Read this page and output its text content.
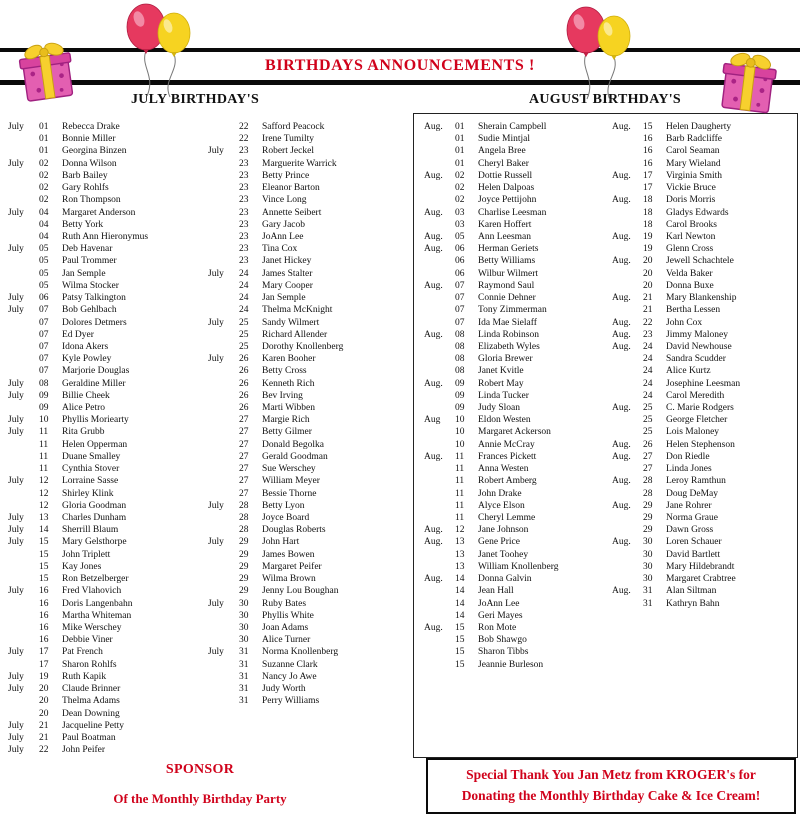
BIRTHDAYS ANNOUNCEMENTS !
JULY BIRTHDAY'S	AUGUST BIRTHDAY'S
July	01	Rebecca Drake
01	Bonnie Miller
01	Georgina Binzen
July	02	Donna Wilson
02	Barb Bailey
02	Gary Rohlfs
02	Ron Thompson
July	04	Margaret Anderson
04	Betty York
04	Ruth Ann Hieronymus
July	05	Deb Havenar
05	Paul Trommer
05	Jan Semple
05	Wilma Stocker
July	06	Patsy Talkington
July	07	Bob Gehlbach
07	Dolores Detmers
07	Ed Dyer
07	Idona Akers
07	Kyle Powley
07	Marjorie Douglas
July	08	Geraldine Miller
July	09	Billie Cheek
09	Alice Petro
July	10	Phyllis Moriearty
July	11	Rita Grubb
11	Helen Opperman
11	Duane Smalley
11	Cynthia Stover
July	12	Lorraine Sasse
12	Shirley Klink
12	Gloria Goodman
July	13	Charles Dunham
July	14	Sherrill Blaum
July	15	Mary Gelsthorpe
15	John Triplett
15	Kay Jones
15	Ron Betzelberger
July	16	Fred Vlahovich
16	Doris Langenbahn
16	Martha Whiteman
16	Mike Werschey
16	Debbie Viner
July	17	Pat French
17	Sharon Rohlfs
July	19	Ruth Kapik
July	20	Claude Brinner
20	Thelma Adams
20	Dean Downing
July	21	Jacqueline Petty
July	21	Paul Boatman
July	22	John Peifer
22	Safford Peacock
22	Irene Tumilty
July	23	Robert Jeckel
23	Marguerite Warrick
23	Betty Prince
23	Eleanor Barton
23	Vince Long
23	Annette Seibert
23	Gary Jacob
23	JoAnn Lee
23	Tina Cox
23	Janet Hickey
July	24	James Stalter
24	Mary Cooper
24	Jan Semple
24	Thelma McKnight
July	25	Sandy Wilmert
25	Richard Allender
25	Dorothy Knollenberg
July	26	Karen Booher
26	Betty Cross
26	Kenneth Rich
26	Bev Irving
26	Marti Wibben
27	Margie Rich
27	Betty Gilmer
27	Donald Begolka
27	Gerald Goodman
27	Sue Werschey
27	William Meyer
27	Bessie Thorne
July	28	Betty Lyon
28	Joyce Board
28	Douglas Roberts
July	29	John Hart
29	James Bowen
29	Margaret Peifer
29	Wilma Brown
29	Jenny Lou Boughan
July	30	Ruby Bates
30	Phyllis White
30	Joan Adams
30	Alice Turner
July	31	Norma Knollenberg
31	Suzanne Clark
31	Nancy Jo Awe
31	Judy Worth
31	Perry Williams
Aug.	01	Sherain Campbell
01	Sudie Mintjal
01	Angela Bree
01	Cheryl Baker
Aug.	02	Dottie Russell
02	Helen Dalpoas
02	Joyce Pettijohn
Aug.	03	Charlise Leesman
03	Karen Hoffert
Aug.	05	Ann Leesman
Aug.	06	Herman Geriets
06	Betty Williams
06	Wilbur Wilmert
Aug.	07	Raymond Saul
07	Connie Dehner
07	Tony Zimmerman
07	Ida Mae Sielaff
Aug.	08	Linda Robinson
08	Elizabeth Wyles
08	Gloria Brewer
08	Janet Kvitle
Aug.	09	Robert May
09	Linda Tucker
09	Judy Sloan
Aug	10	Eldon Westen
10	Margaret Ackerson
10	Annie McCray
Aug.	11	Frances Pickett
11	Anna Westen
11	Robert Amberg
11	John Drake
11	Alyce Elson
11	Cheryl Lemme
Aug.	12	Jane Johnson
Aug.	13	Gene Price
13	Janet Toohey
13	William Knollenberg
Aug.	14	Donna Galvin
14	Jean Hall
14	JoAnn Lee
14	Geri Mayes
Aug.	15	Ron Mote
15	Bob Shawgo
15	Sharon Tibbs
15	Jeannie Burleson
Aug.	15	Helen Daugherty
16	Barb Radcliffe
16	Carol Seaman
16	Mary Wieland
Aug.	17	Virginia Smith
17	Vickie Bruce
Aug.	18	Doris Morris
18	Gladys Edwards
18	Carol Brooks
Aug.	19	Karl Newton
19	Glenn Cross
Aug.	20	Jewell Schachtele
20	Velda Baker
20	Donna Buxe
Aug.	21	Mary Blankenship
21	Bertha Lessen
Aug.	22	John Cox
Aug.	23	Jimmy Maloney
Aug.	24	David Newhouse
24	Sandra Scudder
24	Alice Kurtz
24	Josephine Leesman
24	Carol Meredith
Aug.	25	C. Marie Rodgers
25	George Fletcher
25	Lois Maloney
Aug.	26	Helen Stephenson
Aug.	27	Don Riedle
27	Linda Jones
Aug.	28	Leroy Ramthun
28	Doug DeMay
Aug.	29	Jane Rohrer
29	Norma Graue
29	Dawn Gross
Aug.	30	Loren Schauer
30	David Bartlett
30	Mary Hildebrandt
30	Margaret Crabtree
Aug.	31	Alan Siltman
31	Kathryn Bahn
SPONSOR
Of the Monthly Birthday Party
Special Thank You Jan Metz from KROGER's for
Donating the Monthly Birthday Cake & Ice Cream!
